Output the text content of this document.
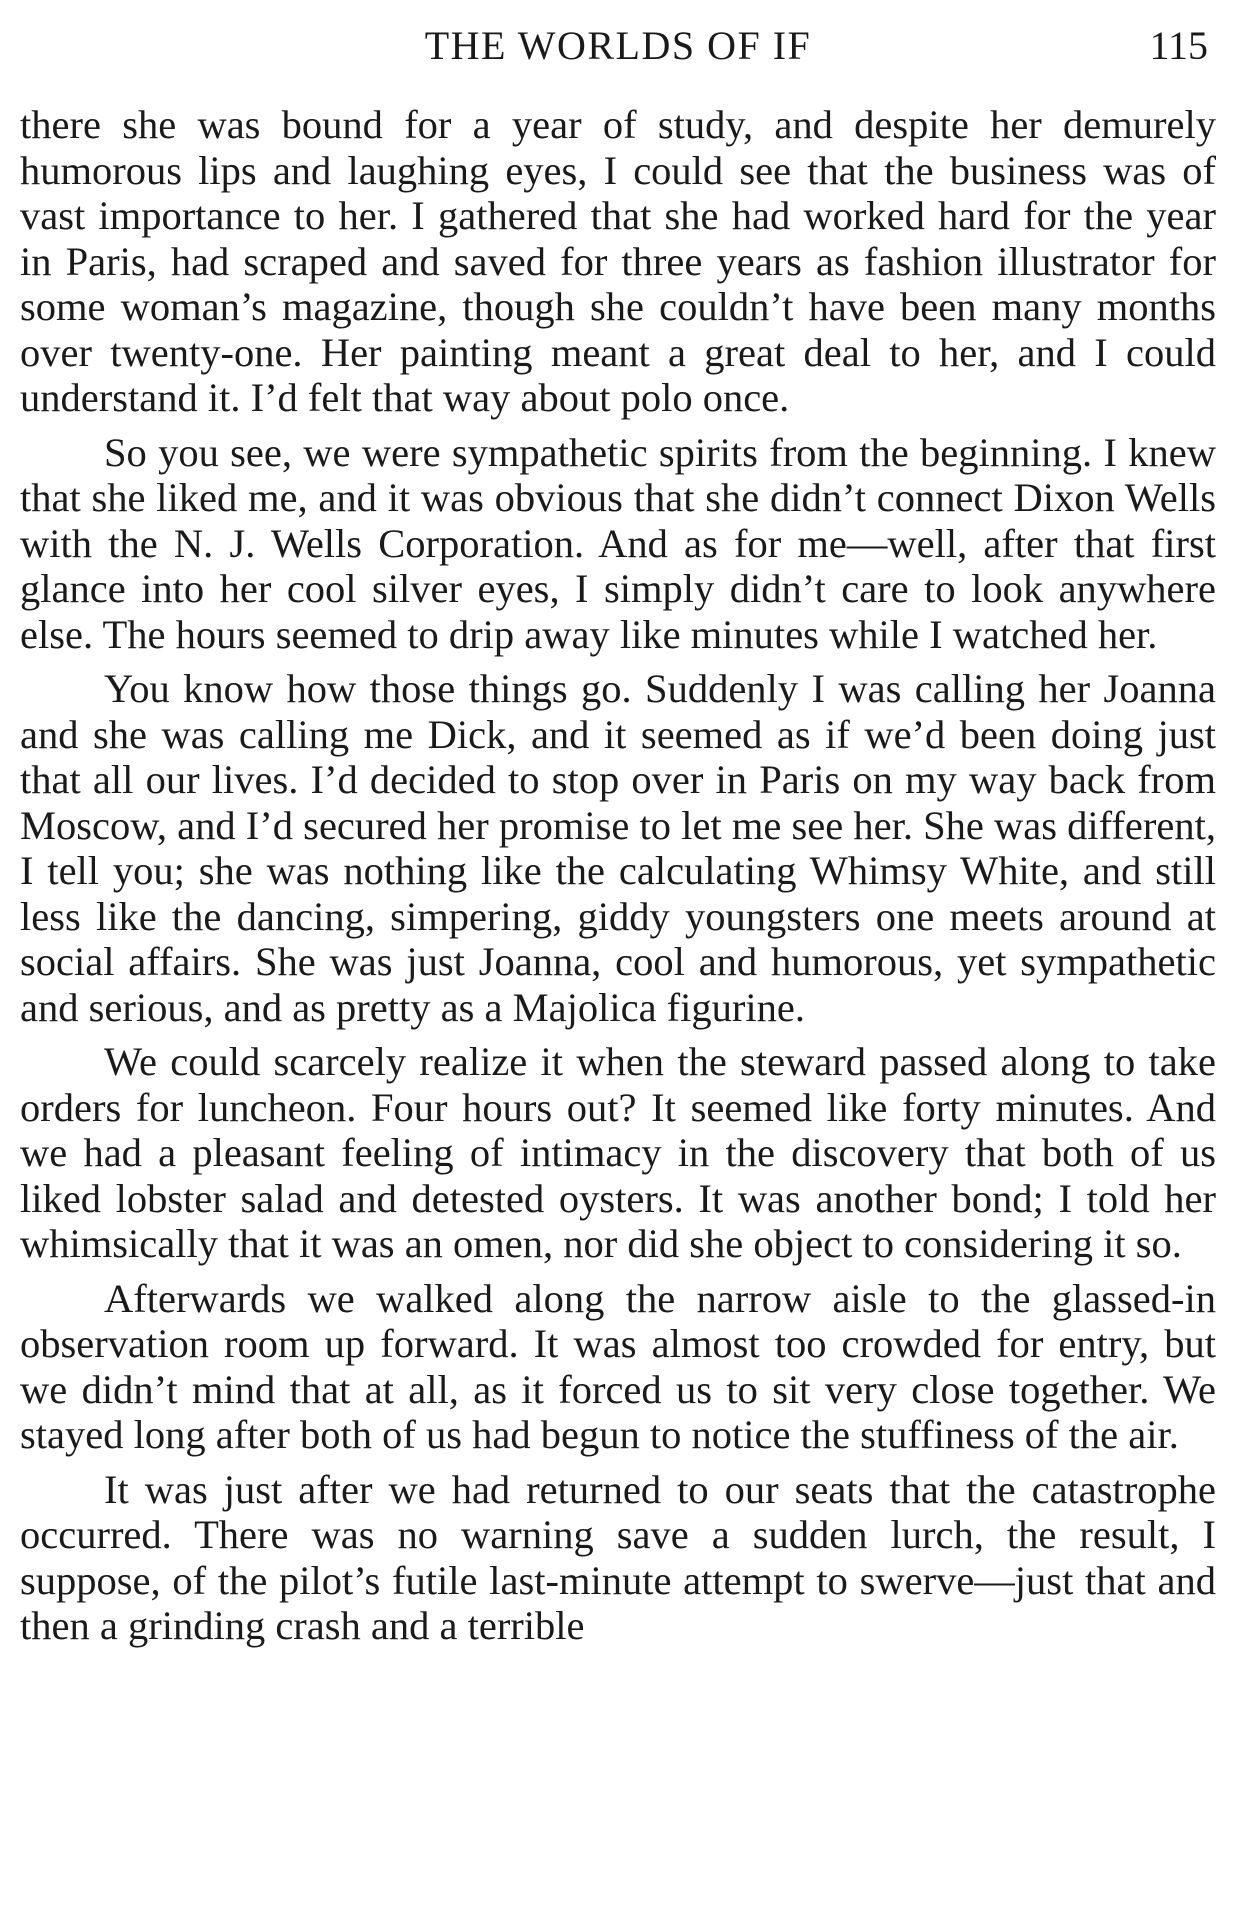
THE WORLDS OF IF	115

there she was bound for a year of study, and despite her demurely humorous lips and laughing eyes, I could see that the business was of vast importance to her. I gathered that she had worked hard for the year in Paris, had scraped and saved for three years as fashion illustrator for some woman’s magazine, though she couldn’t have been many months over twenty-one. Her painting meant a great deal to her, and I could understand it. I’d felt that way about polo once.

So you see, we were sympathetic spirits from the beginning. I knew that she liked me, and it was obvious that she didn’t connect Dixon Wells with the N. J. Wells Corporation. And as for me—well, after that first glance into her cool silver eyes, I simply didn’t care to look anywhere else. The hours seemed to drip away like minutes while I watched her.

You know how those things go. Suddenly I was calling her Joanna and she was calling me Dick, and it seemed as if we’d been doing just that all our lives. I’d decided to stop over in Paris on my way back from Moscow, and I’d secured her promise to let me see her. She was different, I tell you; she was nothing like the calculating Whimsy White, and still less like the dancing, simpering, giddy youngsters one meets around at social affairs. She was just Joanna, cool and humorous, yet sympathetic and serious, and as pretty as a Majolica figurine.

We could scarcely realize it when the steward passed along to take orders for luncheon. Four hours out? It seemed like forty minutes. And we had a pleasant feeling of intimacy in the discovery that both of us liked lobster salad and detested oysters. It was another bond; I told her whimsically that it was an omen, nor did she object to considering it so.

Afterwards we walked along the narrow aisle to the glassed-in observation room up forward. It was almost too crowded for entry, but we didn’t mind that at all, as it forced us to sit very close together. We stayed long after both of us had begun to notice the stuffiness of the air.

It was just after we had returned to our seats that the catastrophe occurred. There was no warning save a sudden lurch, the result, I suppose, of the pilot’s futile last-minute attempt to swerve—just that and then a grinding crash and a terrible
